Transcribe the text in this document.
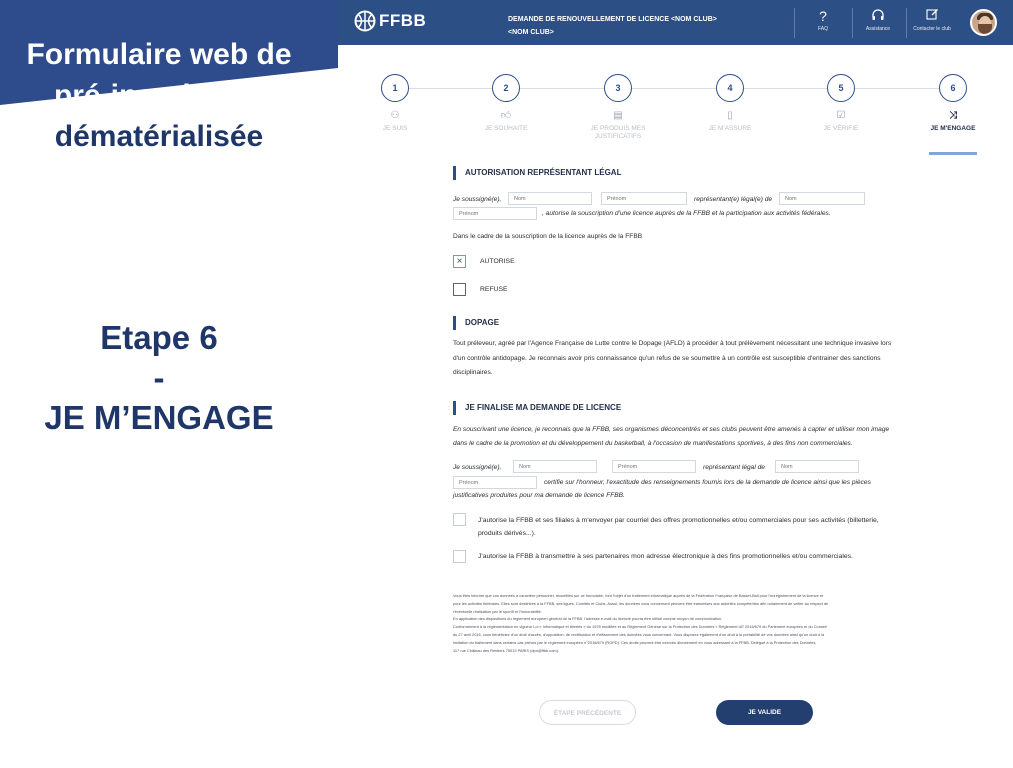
Formulaire web de
pré-inscription
dématérialisée
Etape 6
-
JE M’ENGAGE
FFBB	DEMANDE DE RENOUVELLEMENT DE LICENCE <NOM CLUB>
<NOM CLUB>
?
FAQ	Assistance	Contacter le club
1
⚇
JE SUIS
2
👍︎
JE SOUHAITE
3
▤
JE PRODUIS MES JUSTIFICATIFS
4
▯
JE M'ASSURE
5
☑
JE VÉRIFIE
6
⤨
JE M'ENGAGE
AUTORISATION REPRÉSENTANT LÉGAL
Je soussigné(e),
Nom
Prénom	représentant(e) légal(e) de
Nom
Prénom
, autorise la souscription d'une licence auprès de la FFBB et la participation aux activités fédérales.
Dans le cadre de la souscription de la licence auprès de la FFBB
×	AUTORISE
REFUSE
DOPAGE
Tout préleveur, agréé par l'Agence Française de Lutte contre le Dopage (AFLD) à procéder à tout prélèvement nécessitant une technique invasive lors d'un contrôle antidopage. Je reconnais avoir pris connaissance qu'un refus de se soumettre à un contrôle est susceptible d'entrainer des sanctions disciplinaires.
JE FINALISE MA DEMANDE DE LICENCE
En souscrivant une licence, je reconnais que la FFBB, ses organismes déconcentrés et ses clubs peuvent être amenés à capter et utiliser mon image dans le cadre de la promotion et du développement du basketball, à l'occasion de manifestations sportives, à des fins non commerciales.
Je soussigné(e),
Nom
Prénom	représentant légal de
Nom
Prénom
certifie sur l'honneur, l'exactitude des renseignements fournis lors de la demande de licence ainsi que les pièces
justificatives produites pour ma demande de licence FFBB.
J'autorise la FFBB et ses filiales à m'envoyer par courriel des offres promotionnelles et/ou commerciales pour ses activités (billetterie, produits dérivés...).
J'autorise la FFBB à transmettre à ses partenaires mon adresse électronique à des fins promotionnelles et/ou commerciales.
Vous êtes informé que vos données à caractère personnel, recueillies sur ce formulaire, font l'objet d'un traitement informatique auprès de la Fédération Française de Basket-Ball pour l'enregistrement de la licence et
pour les activités fédérales. Elles sont destinées à la FFBB, ses ligues, Comités et Clubs. Aussi, les données vous concernant peuvent être transmises aux autorités compétentes afin notamment de veiller au respect de
l'éventuelle réalisation par le sportif et l'honorabilité.
En application des dispositions du règlement européen général de la FFBB, l'adresse e-mail du licencié pourra être utilisé comme moyen de communication.
Conformément à la réglementation en vigueur Loi « Informatique et libertés » du 1978 modifiée et au Règlement Général sur la Protection des Données « Règlement UE 2016/679 du Parlement européen et du Conseil
du 27 avril 2016, vous bénéficiez d'un droit d'accès, d'opposition, de rectification et d'effacement des données vous concernant. Vous disposez également d'un droit à la portabilité de vos données ainsi qu'un droit à la
limitation du traitement dans certains cas prévus par le règlement européen n°2016/679 (RGPD). Ces droits peuvent être exercés directement en vous adressant à la FFBB, Délégué à la Protection des Données,
117 rue Château des Rentiers 75013 PARIS (dpo@ffbb.com).
ÉTAPE PRÉCÉDENTE	JE VALIDE
